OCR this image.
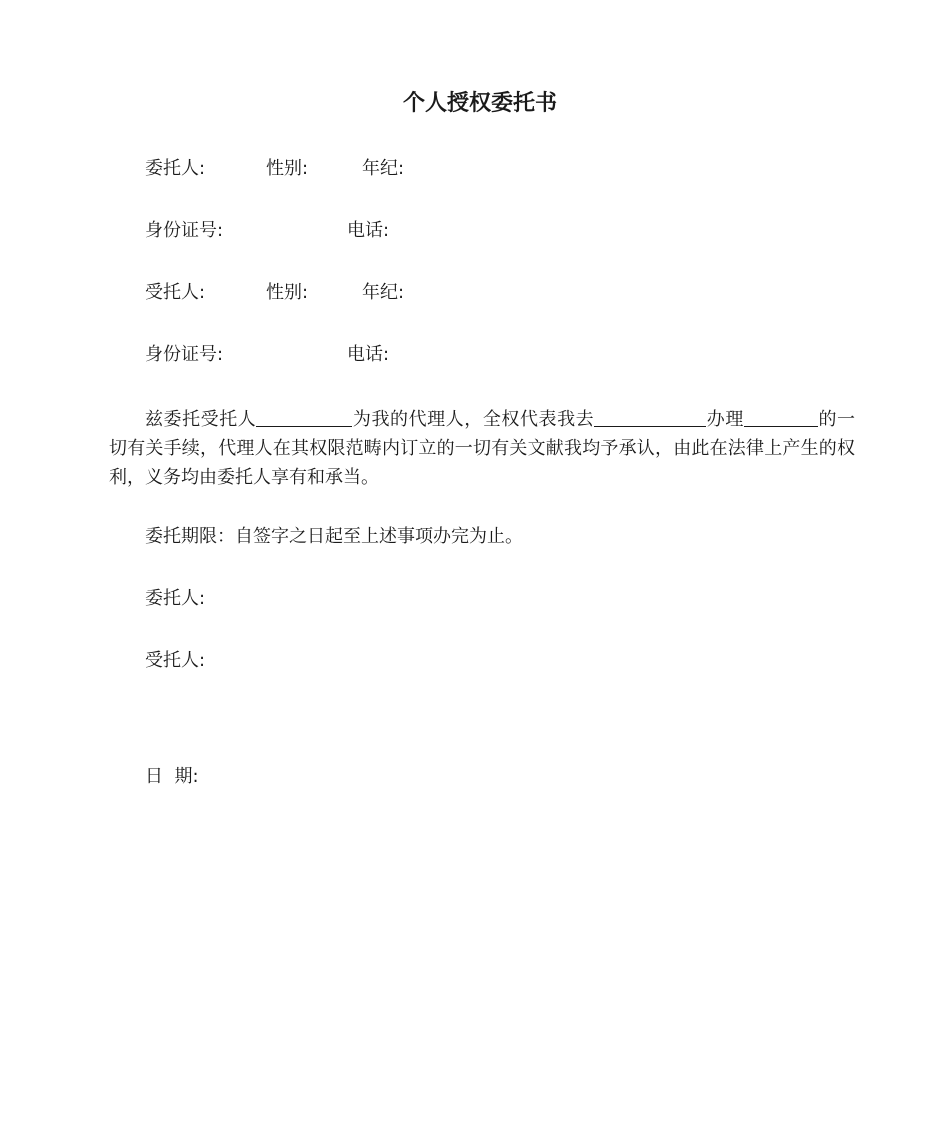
个人授权委托书
委托人:	性别:	年纪:
身份证号:	电话:
受托人:	性别:	年纪:
身份证号:	电话:
兹委托受托人	为我的代理人，全权代表我去	办理	的一切有关手续，代理人在其权限范畴内订立的一切有关文献我均予承认，由此在法律上产生的权利，义务均由委托人享有和承当。
委托期限：自签字之日起至上述事项办完为止。
委托人:
受托人:
日  期:
